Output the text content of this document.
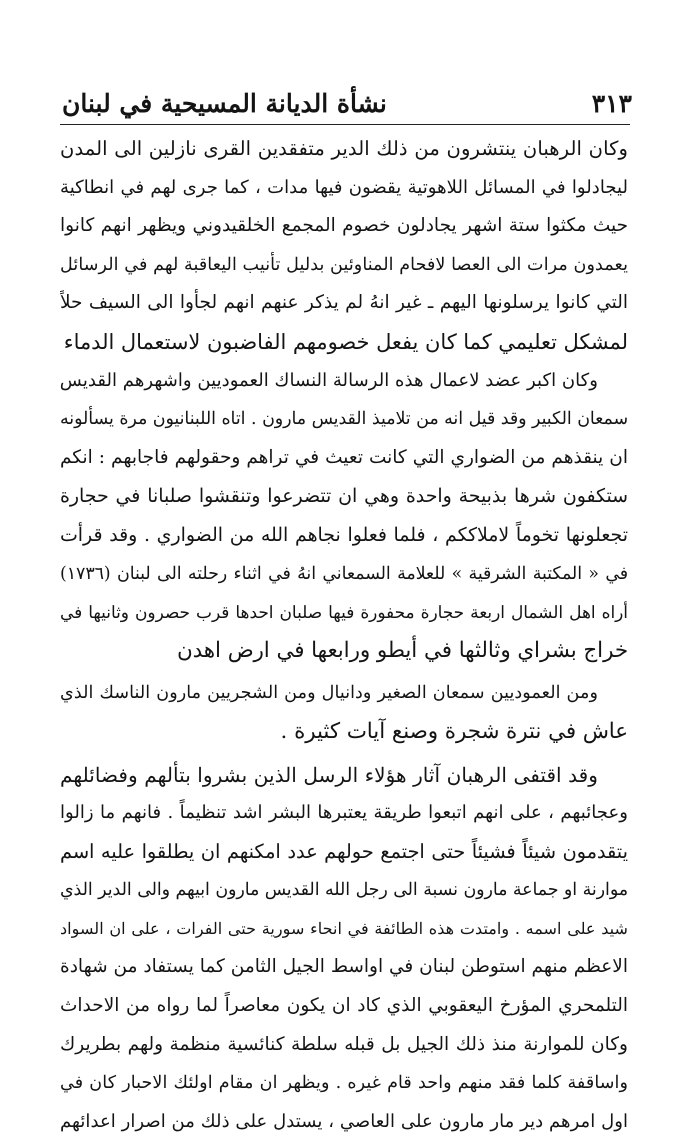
٣١٣
نشأة الديانة المسيحية في لبنان
وكان الرهبان ينتشرون من ذلك الدير متفقدين القرى نازلين الى المدن
ليجادلوا في المسائل اللاهوتية يقضون فيها مدات ، كما جرى لهم في انطاكية
حيث مكثوا ستة اشهر يجادلون خصوم المجمع الخلقيدوني ويظهر انهم كانوا
يعمدون مرات الى العصا لافحام المناوئين بدليل تأنيب اليعاقبة لهم في الرسائل
التي كانوا يرسلونها اليهم ـ غير انهُ لم يذكر عنهم انهم لجأوا الى السيف حلاً
لمشكل تعليمي كما كان يفعل خصومهم الفاضبون لاستعمال الدماء
وكان اكبر عضد لاعمال هذه الرسالة النساك العموديين واشهرهم القديس
سمعان الكبير وقد قيل انه من تلاميذ القديس مارون . اتاه اللبنانيون مرة يسألونه
ان ينقذهم من الضواري التي كانت تعيث في تراهم وحقولهم فاجابهم : انكم
ستكفون شرها بذبيحة واحدة وهي ان تتضرعوا وتنقشوا صلبانا في حجارة
تجعلونها تخوماً لاملاككم ، فلما فعلوا نجاهم الله من الضواري . وقد قرأت
في « المكتبة الشرقية » للعلامة السمعاني انهُ في اثناء رحلته الى لبنان (١٧٣٦)
أراه اهل الشمال اربعة حجارة محفورة فيها صلبان احدها قرب حصرون وثانيها في
خراج بشراي وثالثها في أيطو ورابعها في ارض اهدن
ومن العموديين سمعان الصغير ودانيال ومن الشجريين مارون الناسك الذي
عاش في نترة شجرة وصنع آيات كثيرة .
وقد اقتفى الرهبان آثار هؤلاء الرسل الذين بشروا بتألهم وفضائلهم
وعجائبهم ، على انهم اتبعوا طريقة يعتبرها البشر اشد تنظيماً . فانهم ما زالوا
يتقدمون شيئاً فشيئاً حتى اجتمع حولهم عدد امكنهم ان يطلقوا عليه اسم
موارنة او جماعة مارون نسبة الى رجل الله القديس مارون ابيهم والى الدير الذي
شيد على اسمه . وامتدت هذه الطائفة في انحاء سورية حتى الفرات ، على ان السواد
الاعظم منهم استوطن لبنان في اواسط الجيل الثامن كما يستفاد من شهادة
التلمحري المؤرخ اليعقوبي الذي كاد ان يكون معاصراً لما رواه من الاحداث
وكان للموارنة منذ ذلك الجيل بل قبله سلطة كنائسية منظمة ولهم بطريرك
واساقفة كلما فقد منهم واحد قام غيره . ويظهر ان مقام اولئك الاحبار كان في
اول امرهم دير مار مارون على العاصي ، يستدل على ذلك من اصرار اعدائهم
